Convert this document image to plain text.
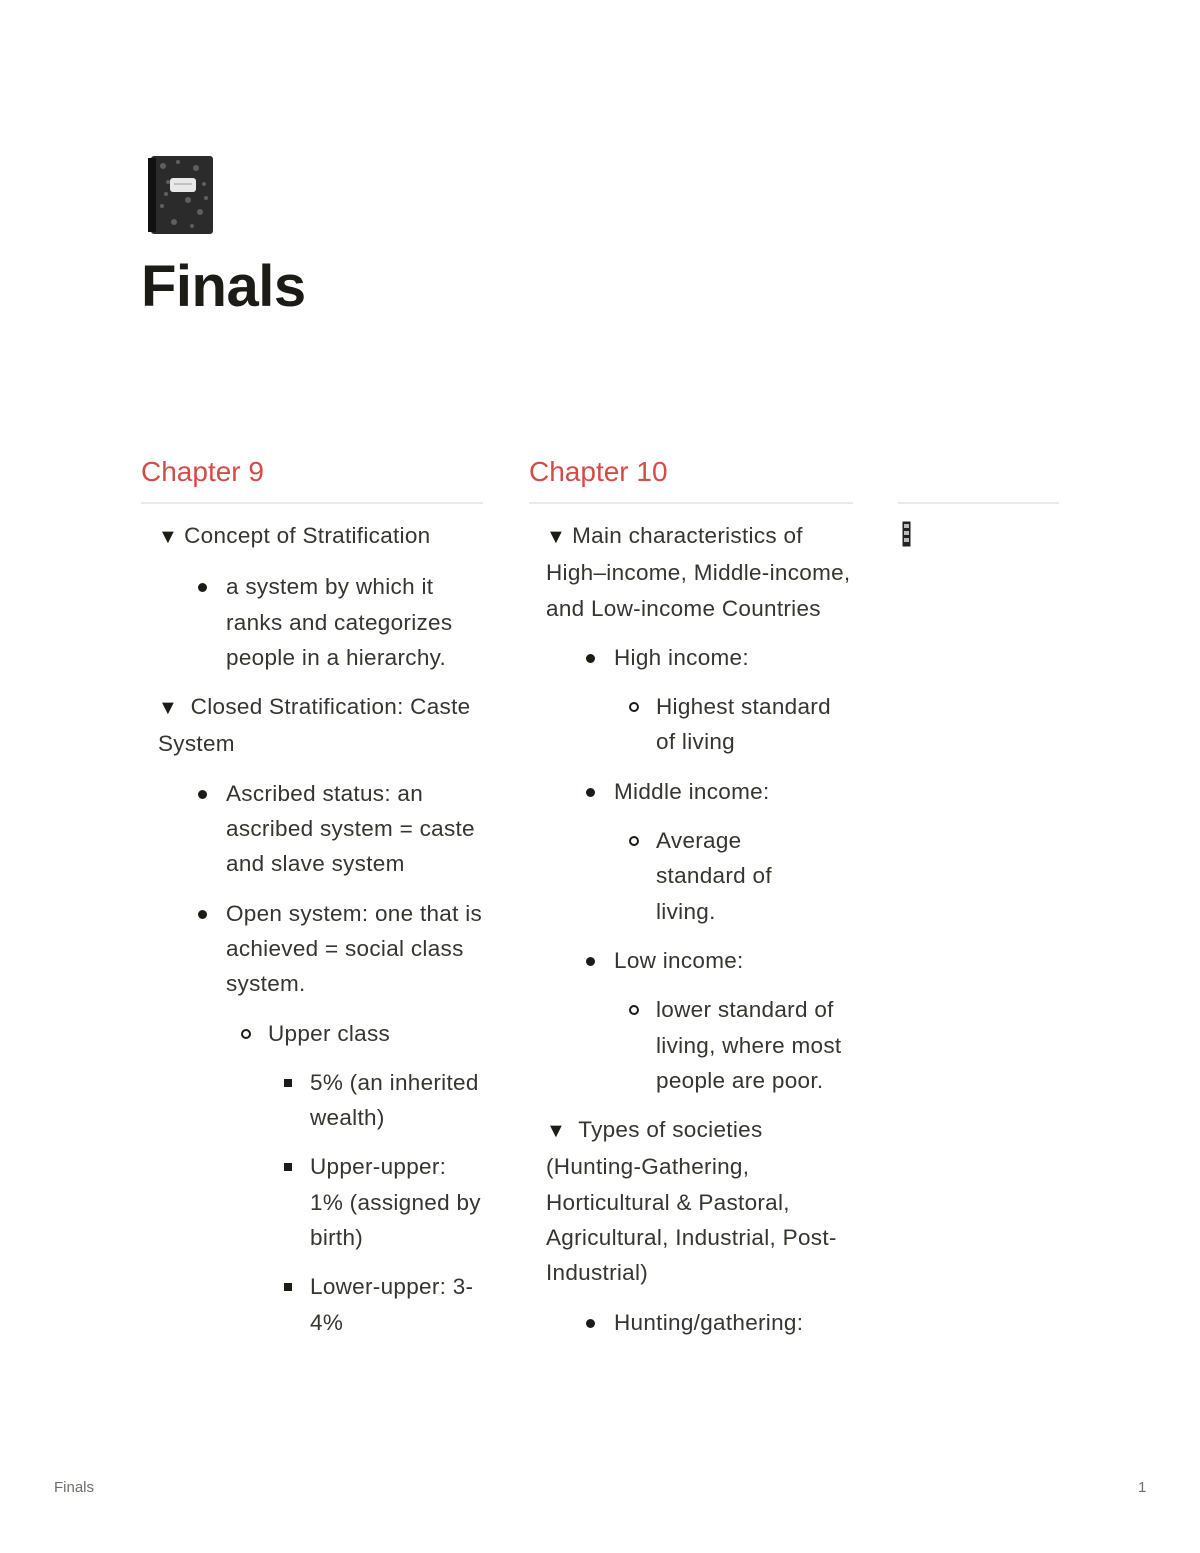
Finals
Chapter 9
▼ Concept of Stratification
a system by which it ranks and categorizes people in a hierarchy.
▼ Closed Stratification: Caste System
Ascribed status: an ascribed system = caste and slave system
Open system: one that is achieved = social class system.
Upper class
5% (an inherited wealth)
Upper-upper: 1% (assigned by birth)
Lower-upper: 3-4%
Chapter 10
▼ Main characteristics of High–income, Middle-income, and Low-income Countries
High income:
Highest standard of living
Middle income:
Average standard of living.
Low income:
lower standard of living, where most people are poor.
▼ Types of societies (Hunting-Gathering, Horticultural & Pastoral, Agricultural, Industrial, Post-Industrial)
Hunting/gathering:
Finals	1
